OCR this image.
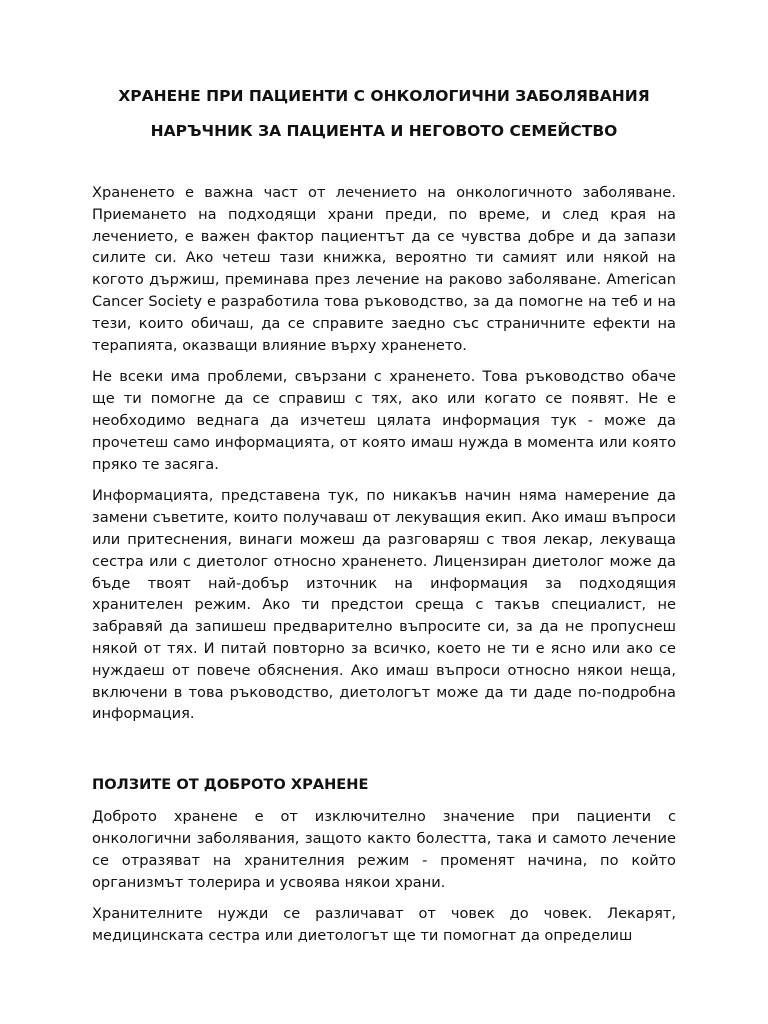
ХРАНЕНЕ ПРИ ПАЦИЕНТИ С ОНКОЛОГИЧНИ ЗАБОЛЯВАНИЯ
НАРЪЧНИК ЗА ПАЦИЕНТА И НЕГОВОТО СЕМЕЙСТВО

Храненето е важна част от лечението на онкологичното заболяване. Приемането на подходящи храни преди, по време, и след края на лечението, е важен фактор пациентът да се чувства добре и да запази силите си. Ако четеш тази книжка, вероятно ти самият или някой на когото държиш, преминава през лечение на раково заболяване. American Cancer Society е разработила това ръководство, за да помогне на теб и на тези, които обичаш, да се справите заедно със страничните ефекти на терапията, оказващи влияние върху храненето.

Не всеки има проблеми, свързани с храненето. Това ръководство обаче ще ти помогне да се справиш с тях, ако или когато се появят. Не е необходимо веднага да изчетеш цялата информация тук - може да прочетеш само информацията, от която имаш нужда в момента или която пряко те засяга.

Информацията, представена тук, по никакъв начин няма намерение да замени съветите, които получаваш от лекуващия екип. Ако имаш въпроси или притеснения, винаги можеш да разговаряш с твоя лекар, лекуваща сестра или с диетолог относно храненето. Лицензиран диетолог може да бъде твоят най-добър източник на информация за подходящия хранителен режим. Ако ти предстои среща с такъв специалист, не забравяй да запишеш предварително въпросите си, за да не пропуснеш някой от тях. И питай повторно за всичко, което не ти е ясно или ако се нуждаеш от повече обяснения. Ако имаш въпроси относно някои неща, включени в това ръководство, диетологът може да ти даде по-подробна информация.

ПОЛЗИТЕ ОТ ДОБРОТО ХРАНЕНЕ

Доброто хранене е от изключително значение при пациенти с онкологични заболявания, защото както болестта, така и самото лечение се отразяват на хранителния режим - променят начина, по който организмът толерира и усвоява някои храни.

Хранителните нужди се различават от човек до човек. Лекарят, медицинската сестра или диетологът ще ти помогнат да определиш
